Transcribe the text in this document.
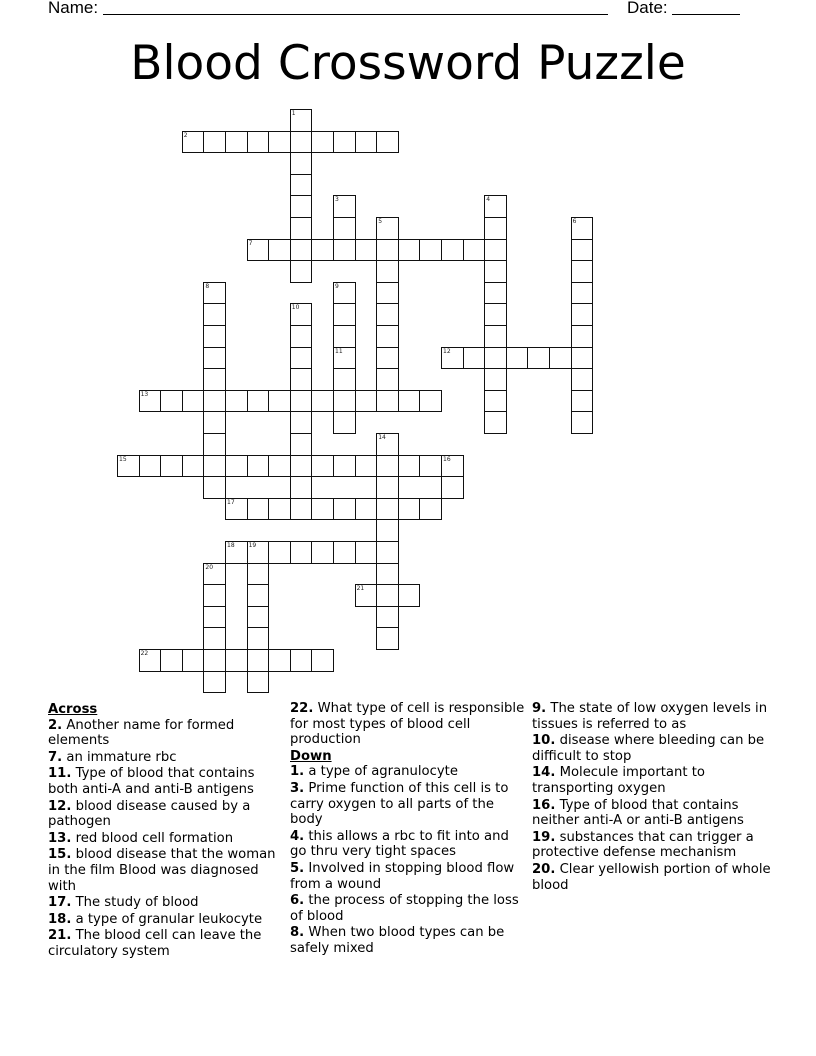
Name:	Date:
Blood Crossword Puzzle
1
2
3	4
5	6
7
8	9
11
10
12
13
14
15	16
17
18 19
20
21
22
Across
2. Another name for formed elements
7. an immature rbc
11. Type of blood that contains both anti-A and anti-B antigens
12. blood disease caused by a pathogen
13. red blood cell formation
15. blood disease that the woman in the film Blood was diagnosed with
17. The study of blood
18. a type of granular leukocyte
21. The blood cell can leave the circulatory system
22. What type of cell is responsible for most types of blood cell production
Down
1. a type of agranulocyte
3. Prime function of this cell is to carry oxygen to all parts of the body
4. this allows a rbc to fit into and go thru very tight spaces
5. Involved in stopping blood flow from a wound
6. the process of stopping the loss of blood
8. When two blood types can be safely mixed
9. The state of low oxygen levels in tissues is referred to as
10. disease where bleeding can be difficult to stop
14. Molecule important to transporting oxygen
16. Type of blood that contains neither anti-A or anti-B antigens
19. substances that can trigger a protective defense mechanism
20. Clear yellowish portion of whole blood
